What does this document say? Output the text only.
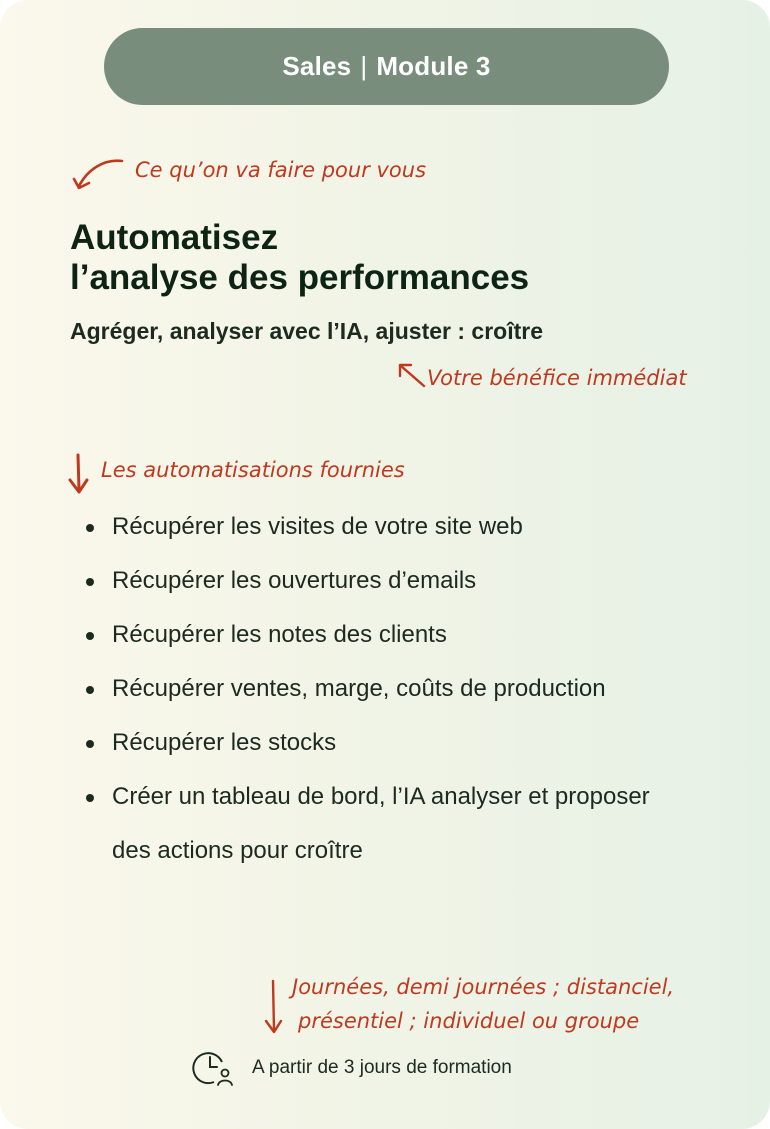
Sales | Module 3
Ce qu’on va faire pour vous
Automatisez
l’analyse des performances
Agréger, analyser avec l’IA, ajuster : croître
Votre bénéfice immédiat
Les automatisations fournies
Récupérer les visites de votre site web
Récupérer les ouvertures d’emails
Récupérer les notes des clients
Récupérer ventes, marge, coûts de production
Récupérer les stocks
Créer un tableau de bord, l’IA analyser et proposer des actions pour croître
Journées, demi journées ; distanciel,
présentiel ; individuel ou groupe
A partir de 3 jours de formation
